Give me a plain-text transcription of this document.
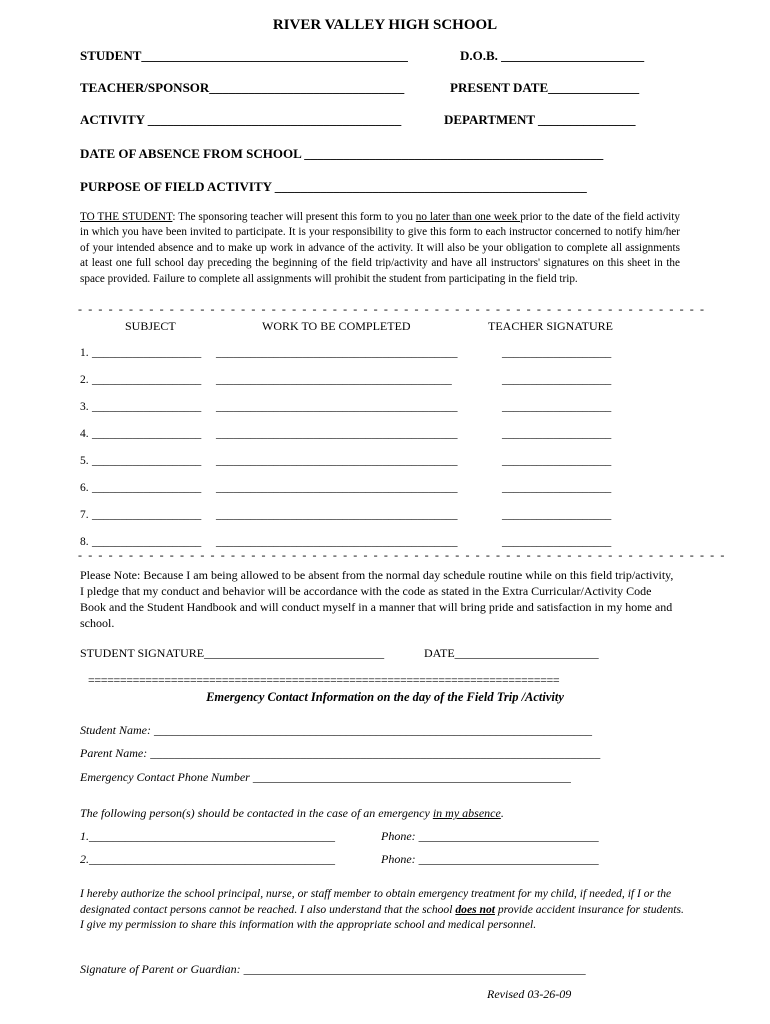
RIVER VALLEY HIGH SCHOOL
STUDENT_________________________________________	D.O.B. ______________________
TEACHER/SPONSOR______________________________	PRESENT DATE______________
ACTIVITY _______________________________________	DEPARTMENT _______________
DATE OF ABSENCE FROM SCHOOL ______________________________________________
PURPOSE OF FIELD ACTIVITY ________________________________________________
TO THE STUDENT: The sponsoring teacher will present this form to you no later than one week prior to the date of the field activity in which you have been invited to participate. It is your responsibility to give this form to each instructor concerned to notify him/her of your intended absence and to make up work in advance of the activity. It will also be your obligation to complete all assignments at least one full school day preceding the beginning of the field trip/activity and have all instructors' signatures on this sheet in the space provided. Failure to complete all assignments will prohibit the student from participating in the field trip.
- - - - - - - - - - - - - - - - - - - - - - - - - - - - - - - - - - - - - - - - - - - - - - - - - - - - - - - - - - - - - -
SUBJECT	WORK TO BE COMPLETED	TEACHER SIGNATURE
1. ___________________ __________________________________________	___________________
2. ___________________ _________________________________________	___________________
3. ___________________ __________________________________________	___________________
4. ___________________ __________________________________________	___________________
5. ___________________ __________________________________________	___________________
6. ___________________ __________________________________________	___________________
7. ___________________ __________________________________________	___________________
8. ___________________ __________________________________________	___________________
- - - - - - - - - - - - - - - - - - - - - - - - - - - - - - - - - - - - - - - - - - - - - - - - - - - - - - - - - - - - - - - -
Please Note: Because I am being allowed to be absent from the normal day schedule routine while on this field trip/activity, I pledge that my conduct and behavior will be accordance with the code as stated in the Extra Curricular/Activity Code Book and the Student Handbook and will conduct myself in a manner that will bring pride and satisfaction in my home and school.
STUDENT SIGNATURE______________________________	DATE________________________
==========================================================================
Emergency Contact Information on the day of the Field Trip /Activity
Student Name: _________________________________________________________________________
Parent Name: ___________________________________________________________________________
Emergency Contact Phone Number _____________________________________________________
The following person(s) should be contacted in the case of an emergency in my absence.
1._________________________________________	Phone: ______________________________
2._________________________________________	Phone: ______________________________
I hereby authorize the school principal, nurse, or staff member to obtain emergency treatment for my child, if needed, if I or the designated contact persons cannot be reached. I also understand that the school does not provide accident insurance for students. I give my permission to share this information with the appropriate school and medical personnel.
Signature of Parent or Guardian: _________________________________________________________
Revised 03-26-09
